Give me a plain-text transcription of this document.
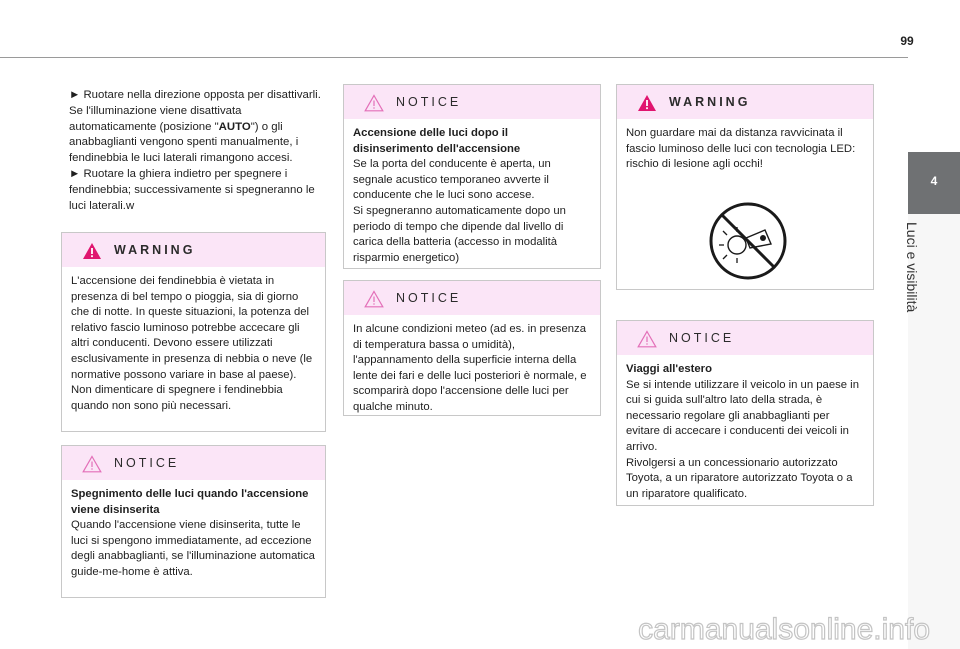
99
4
Luci e visibilità

► Ruotare nella direzione opposta per disattivarli.

Se l'illuminazione viene disattivata automaticamente (posizione "AUTO") o gli anabbaglianti vengono spenti manualmente, i fendinebbia le luci laterali rimangono accesi.

► Ruotare la ghiera indietro per spegnere i fendinebbia; successivamente si spegneranno le luci laterali.w

WARNING

L'accensione dei fendinebbia è vietata in presenza di bel tempo o pioggia, sia di giorno che di notte. In queste situazioni, la potenza del relativo fascio luminoso potrebbe accecare gli altri conducenti. Devono essere utilizzati esclusivamente in presenza di nebbia o neve (le normative possono variare in base al paese).

Non dimenticare di spegnere i fendinebbia quando non sono più necessari.

NOTICE

Spegnimento delle luci quando l'accensione viene disinserita

Quando l'accensione viene disinserita, tutte le luci si spengono immediatamente, ad eccezione degli anabbaglianti, se l'illuminazione automatica guide-me-home è attiva.

NOTICE

Accensione delle luci dopo il disinserimento dell'accensione

Se la porta del conducente è aperta, un segnale acustico temporaneo avverte il conducente che le luci sono accese.

Si spegneranno automaticamente dopo un periodo di tempo che dipende dal livello di carica della batteria (accesso in modalità risparmio energetico)

NOTICE

In alcune condizioni meteo (ad es. in presenza di temperatura bassa o umidità), l'appannamento della superficie interna della lente dei fari e delle luci posteriori è normale, e scomparirà dopo l'accensione delle luci per qualche minuto.

WARNING

Non guardare mai da distanza ravvicinata il fascio luminoso delle luci con tecnologia LED: rischio di lesione agli occhi!

NOTICE

Viaggi all'estero

Se si intende utilizzare il veicolo in un paese in cui si guida sull'altro lato della strada, è necessario regolare gli anabbaglianti per evitare di accecare i conducenti dei veicoli in arrivo.

Rivolgersi a un concessionario autorizzato Toyota, a un riparatore autorizzato Toyota o a un riparatore qualificato.

carmanualsonline.info
